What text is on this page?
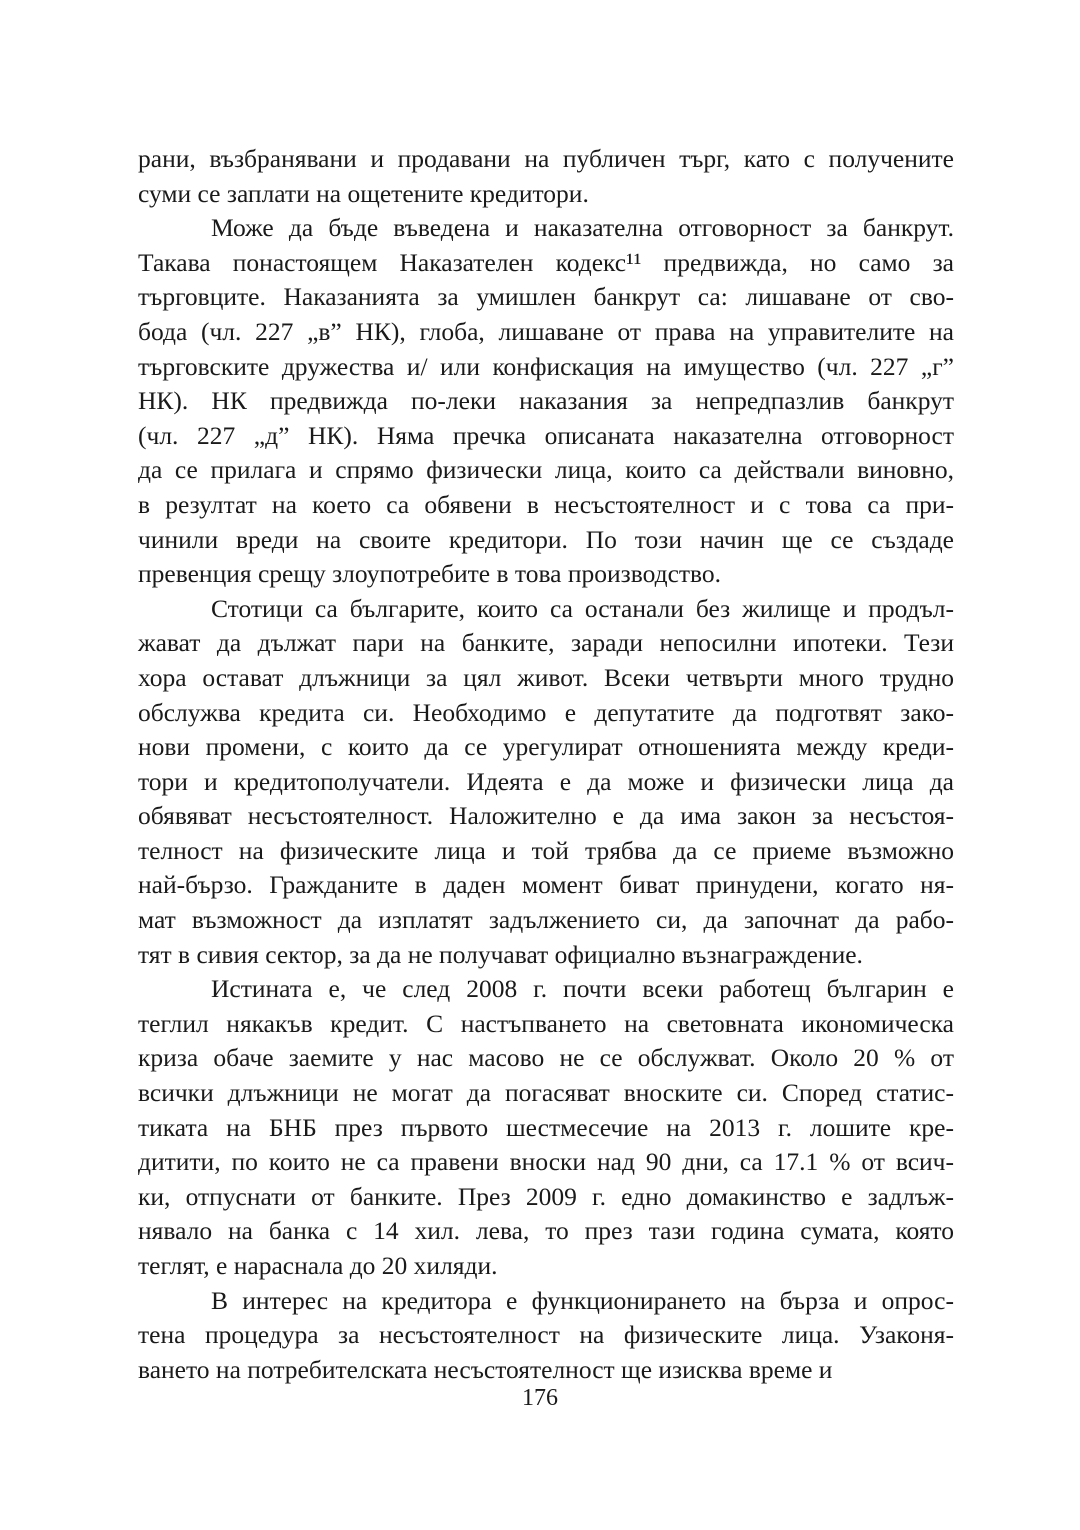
рани, възбранявани и продавани на публичен търг, като с получените
суми се заплати на ощетените кредитори.
Може да бъде въведена и наказателна отговорност за банкрут.
Такава понастоящем Наказателен кодекс¹¹ предвижда, но само за
търговците. Наказанията за умишлен банкрут са: лишаване от сво-
бода (чл. 227 „в” НК), глоба, лишаване от права на управителите на
търговските дружества и/ или конфискация на имущество (чл. 227 „г”
НК). НК предвижда по-леки наказания за непредпазлив банкрут
(чл. 227 „д” НК). Няма пречка описаната наказателна отговорност
да се прилага и спрямо физически лица, които са действали виновно,
в резултат на което са обявени в несъстоятелност и с това са при-
чинили вреди на своите кредитори. По този начин ще се създаде
превенция срещу злоупотребите в това производство.
Стотици са българите, които са останали без жилище и продъл-
жават да дължат пари на банките, заради непосилни ипотеки. Тези
хора остават длъжници за цял живот. Всеки четвърти много трудно
обслужва кредита си. Необходимо е депутатите да подготвят зако-
нови промени, с които да се урегулират отношенията между креди-
тори и кредитополучатели. Идеята е да може и физически лица да
обявяват несъстоятелност. Наложително е да има закон за несъстоя-
телност на физическите лица и той трябва да се приеме възможно
най-бързо. Гражданите в даден момент биват принудени, когато ня-
мат възможност да изплатят задължението си, да започнат да рабо-
тят в сивия сектор, за да не получават официално възнаграждение.
Истината е, че след 2008 г. почти всеки работещ българин е
теглил някакъв кредит. С настъпването на световната икономическа
криза обаче заемите у нас масово не се обслужват. Около 20 % от
всички длъжници не могат да погасяват вноските си. Според статис-
тиката на БНБ през първото шестмесечие на 2013 г. лошите кре-
дитити, по които не са правени вноски над 90 дни, са 17.1 % от всич-
ки, отпуснати от банките. През 2009 г. едно домакинство е задлъж-
нявало на банка с 14 хил. лева, то през тази година сумата, която
теглят, е нараснала до 20 хиляди.
В интерес на кредитора е функционирането на бърза и опрос-
тена процедура за несъстоятелност на физическите лица. Узаконя-
ването на потребителската несъстоятелност ще изисква време и
176
